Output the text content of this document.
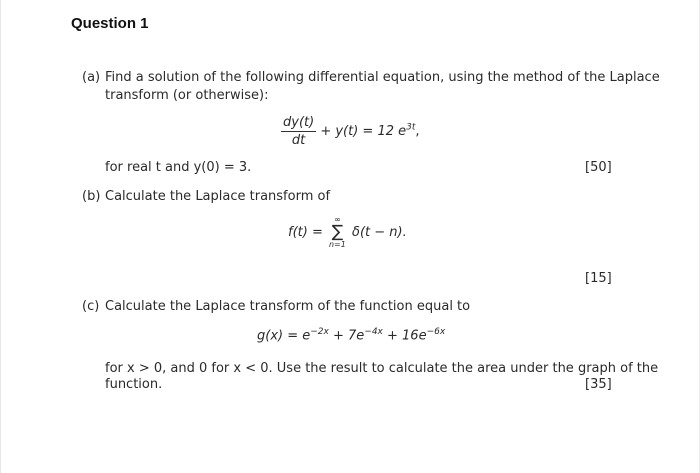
Question 1
(a) Find a solution of the following differential equation, using the method of the Laplace
transform (or otherwise):
$\frac{dy(t)}{dt} + y(t) = 12$ $e^{3t}$,
for real t and y(0) = 3.	[50]
(b) Calculate the Laplace transform of
f(t) =
∞
∑
n=1
δ(t − n).
[15]
(c) Calculate the Laplace transform of the function equal to
$g(x) = e^{-2x} + 7e^{-4x} + 16e^{-6x}$
for x > 0, and 0 for x < 0. Use the result to calculate the area under the graph of the
function.	[35]
